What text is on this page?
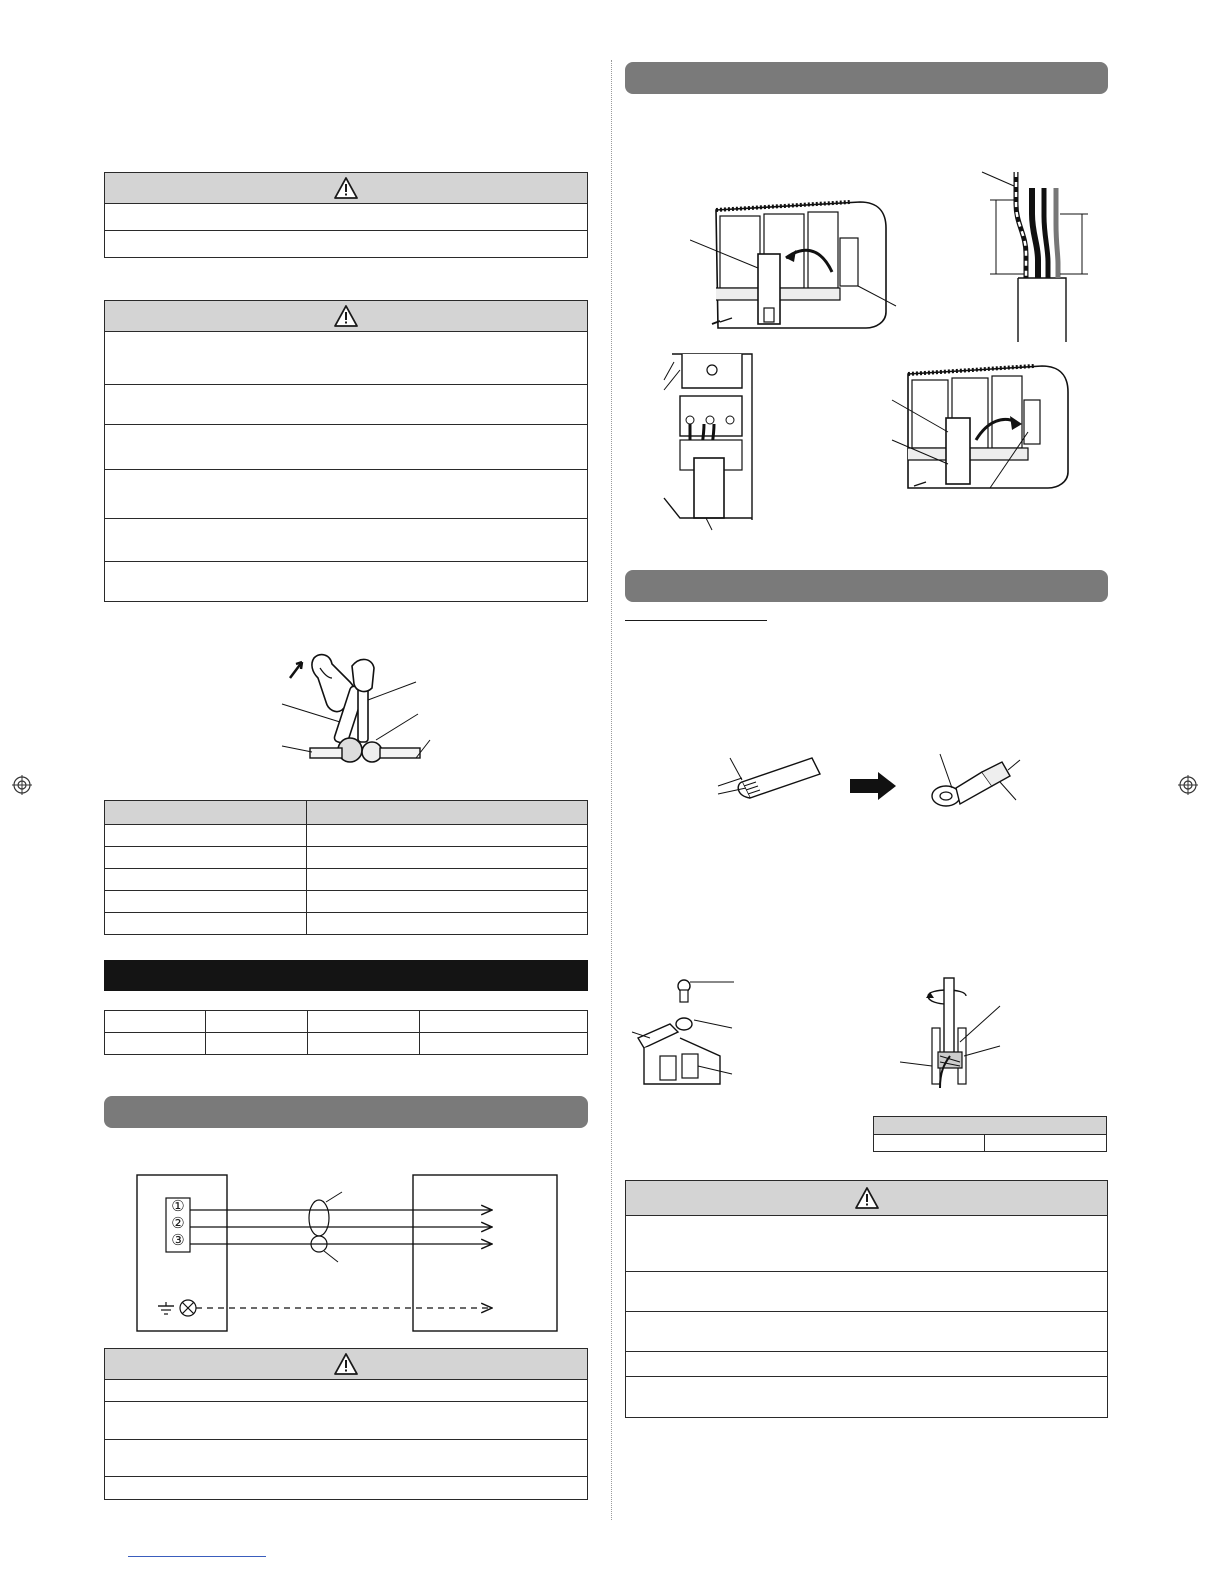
①
②
③
